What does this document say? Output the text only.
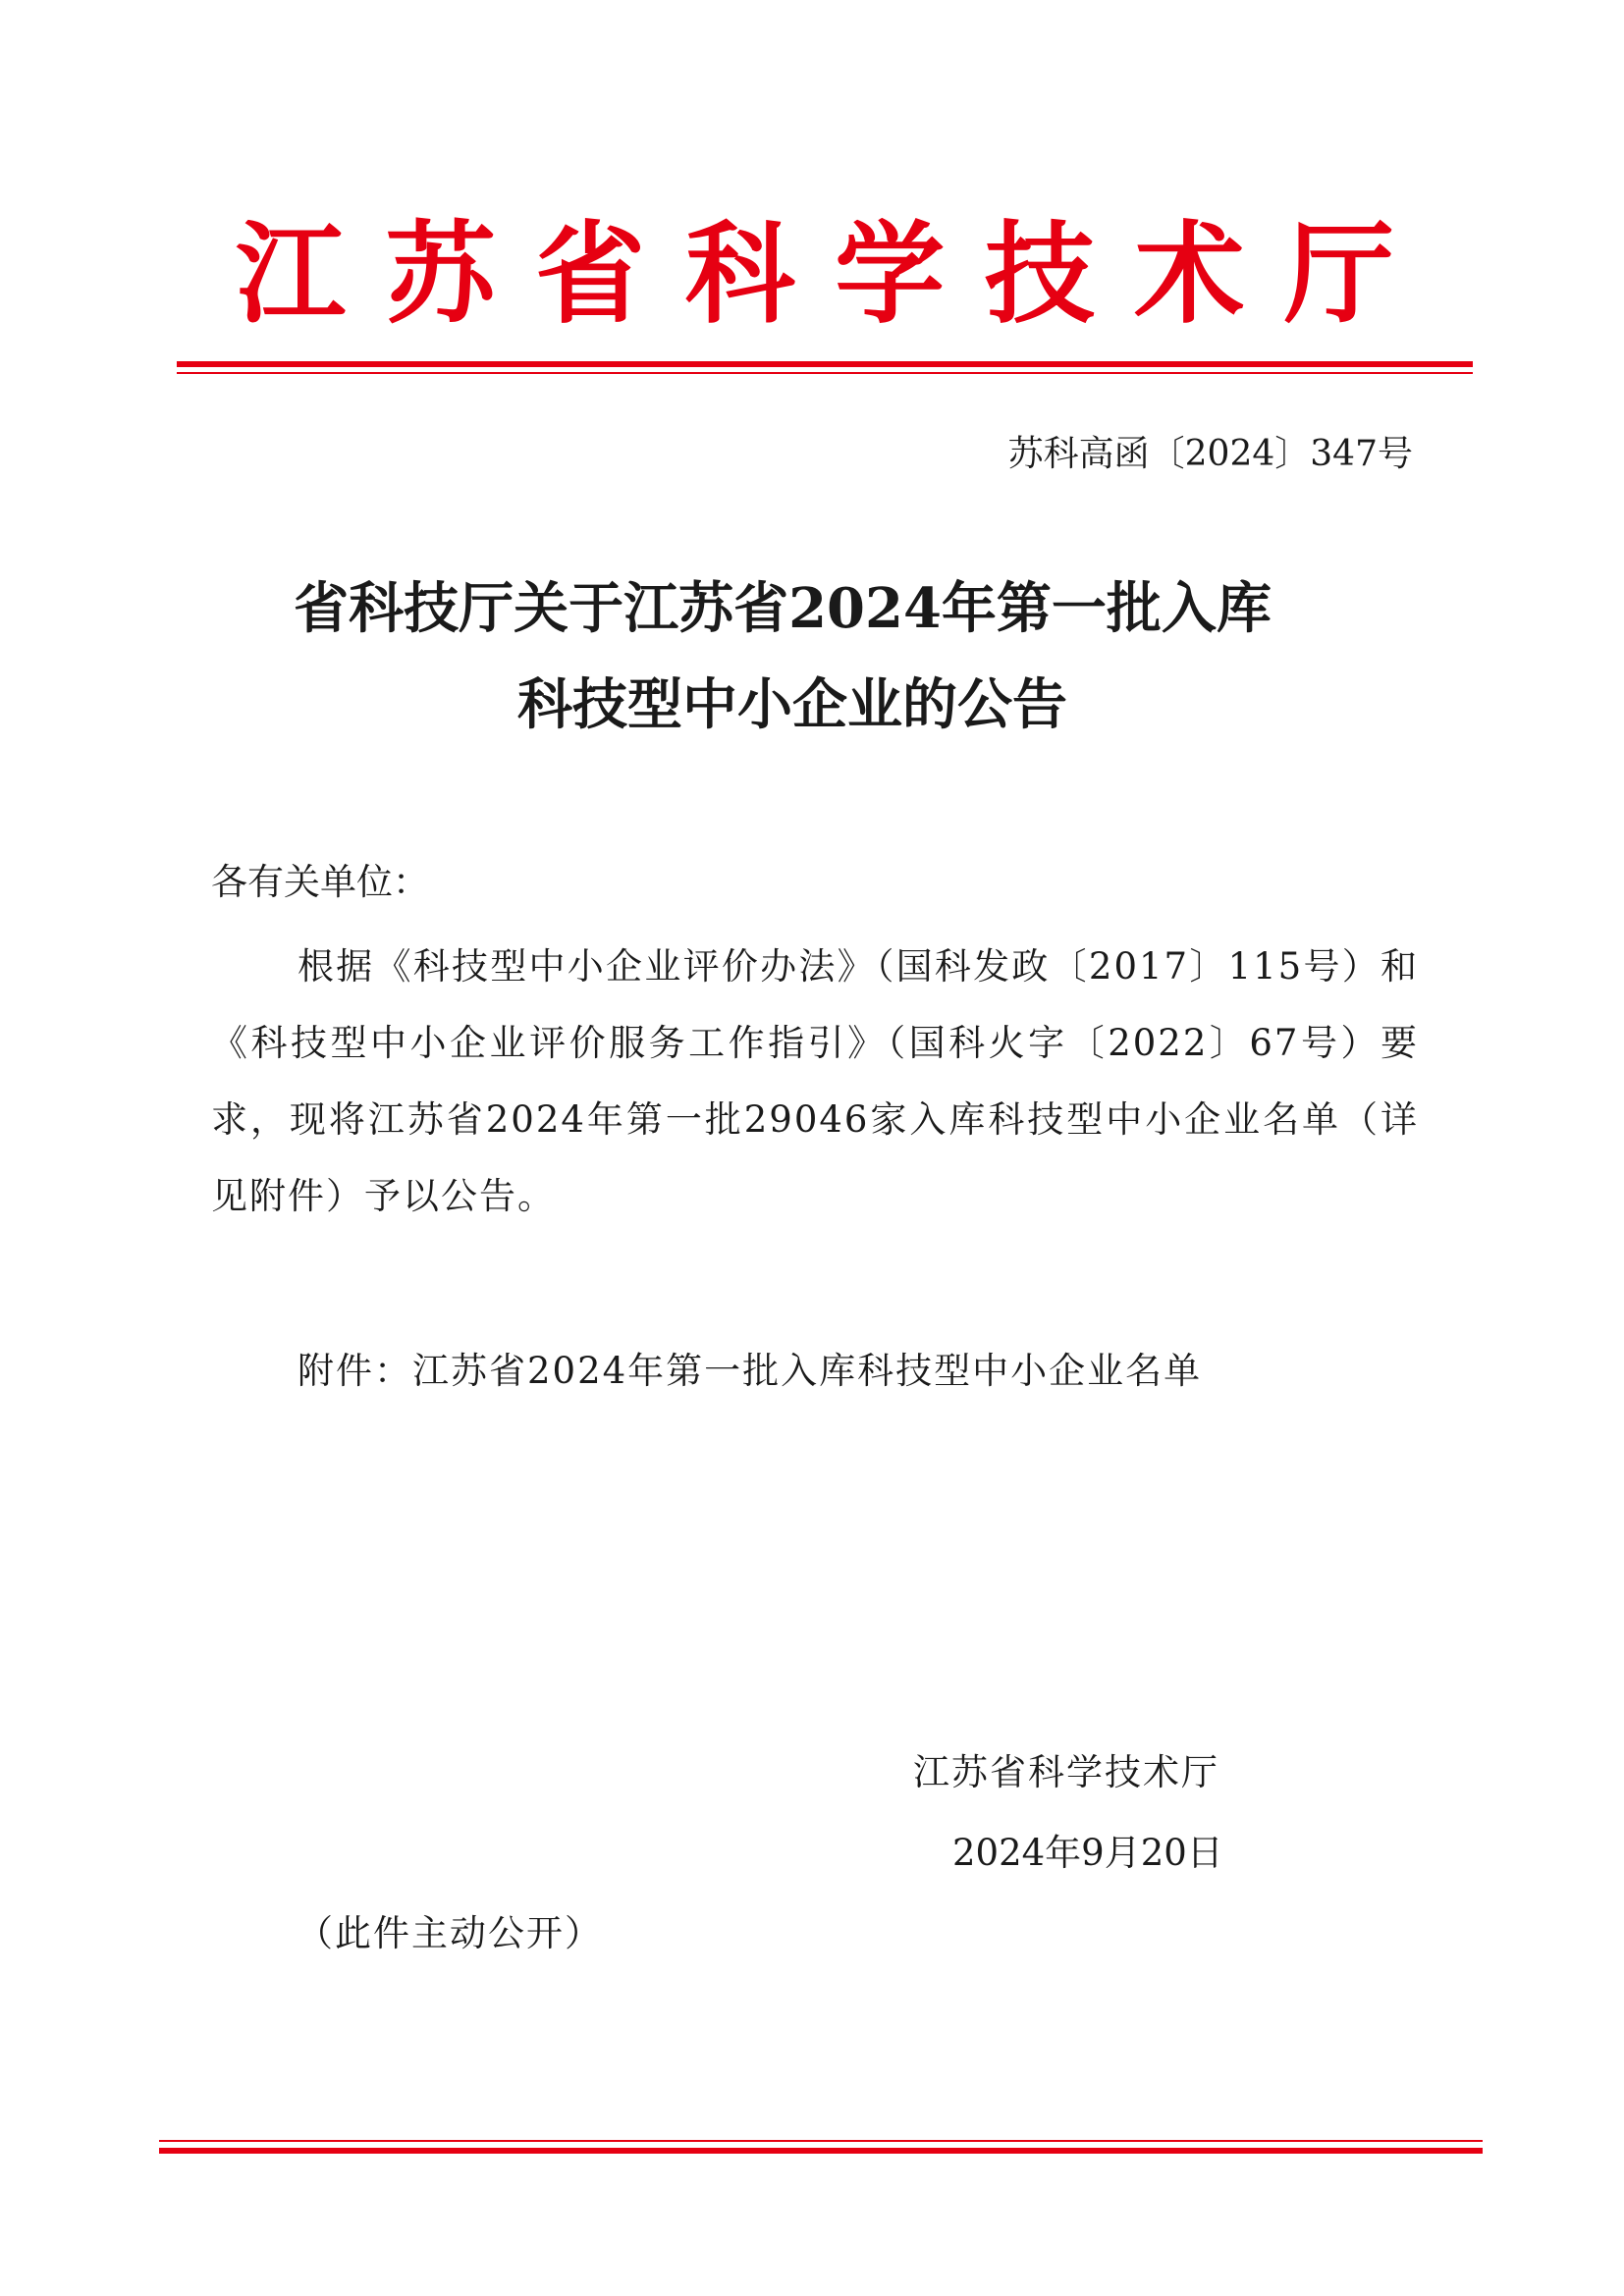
江 苏 省 科 学 技 术 厅
苏科高函〔2024〕347号
省科技厅关于江苏省2024年第一批入库
科技型中小企业的公告
各有关单位：
根据《科技型中小企业评价办法》（国科发政〔2017〕115号）和《科技型中小企业评价服务工作指引》（国科火字〔2022〕67号）要求，现将江苏省2024年第一批29046家入库科技型中小企业名单（详见附件）予以公告。
附件：江苏省2024年第一批入库科技型中小企业名单
江苏省科学技术厅
2024年9月20日
（此件主动公开）
